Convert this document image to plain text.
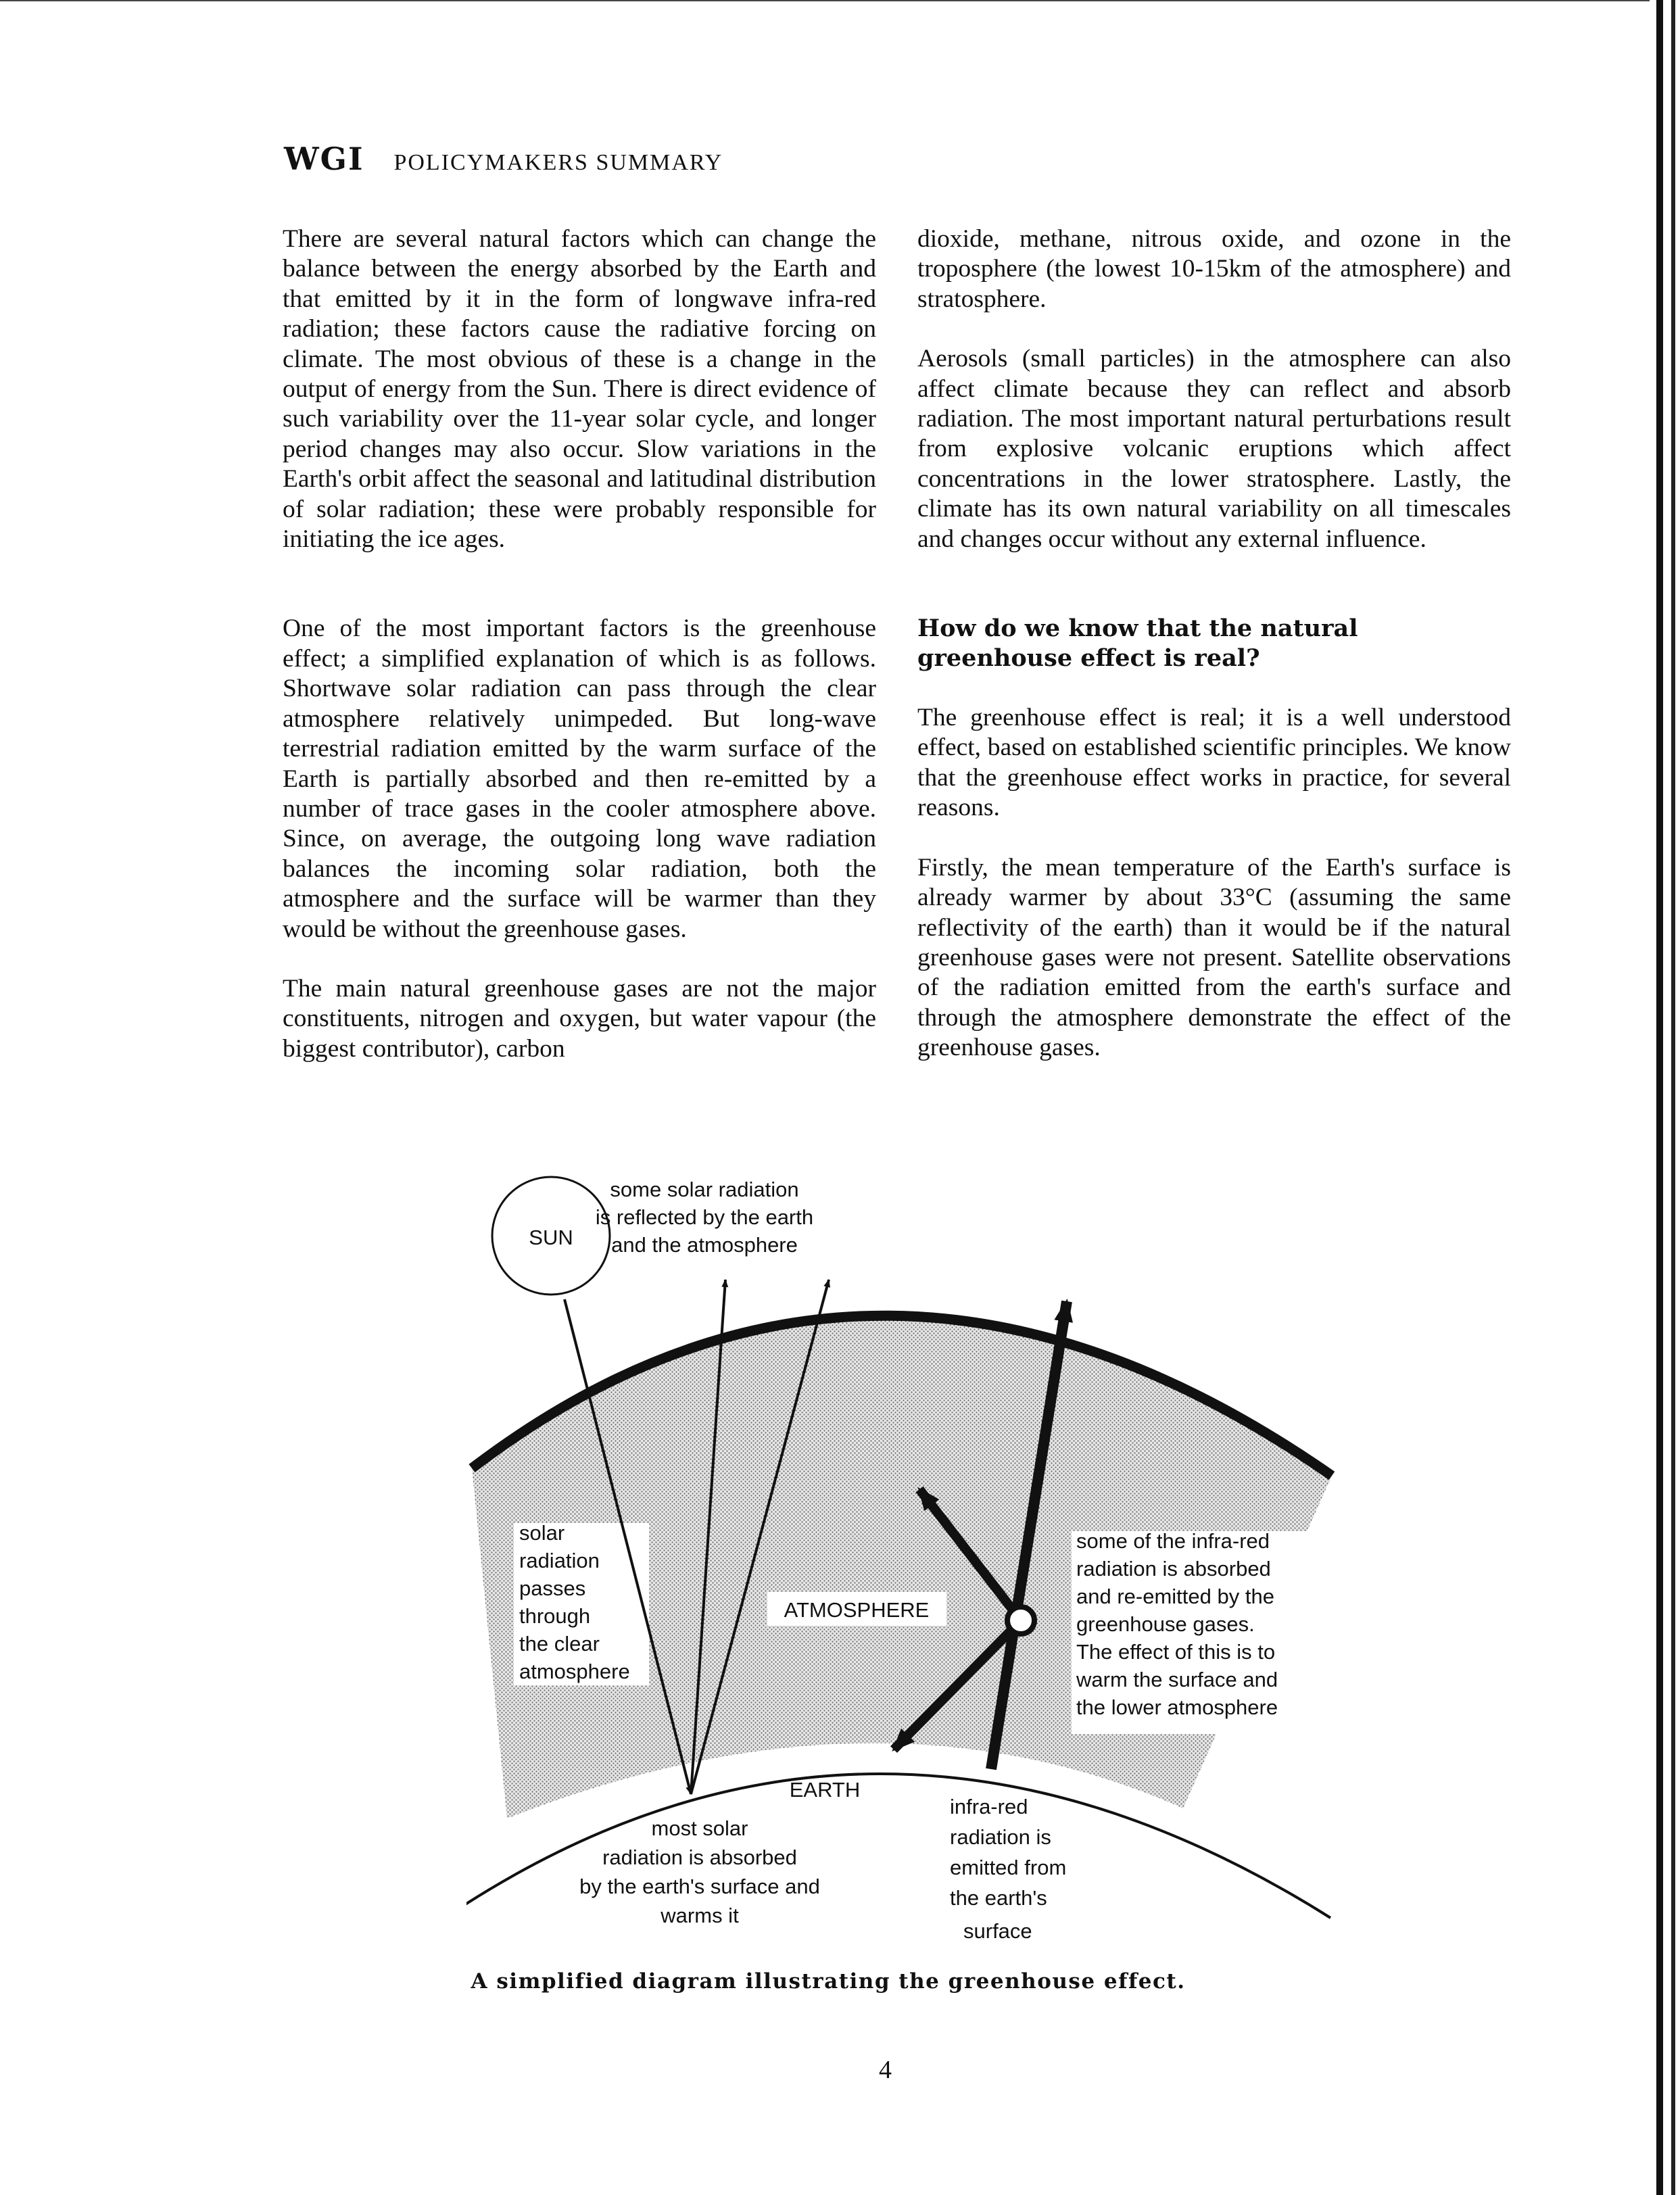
WGI POLICYMAKERS SUMMARY

There are several natural factors which can change the balance between the energy absorbed by the Earth and that emitted by it in the form of longwave infra-red radiation; these factors cause the radiative forcing on climate. The most obvious of these is a change in the output of energy from the Sun. There is direct evidence of such variability over the 11-year solar cycle, and longer period changes may also occur. Slow variations in the Earth's orbit affect the seasonal and latitudinal distribution of solar radiation; these were probably responsible for initiating the ice ages.

One of the most important factors is the greenhouse effect; a simplified explanation of which is as follows. Shortwave solar radiation can pass through the clear atmosphere relatively unimpeded. But long-wave terrestrial radiation emitted by the warm surface of the Earth is partially absorbed and then re-emitted by a number of trace gases in the cooler atmosphere above. Since, on average, the outgoing long wave radiation balances the incoming solar radiation, both the atmosphere and the surface will be warmer than they would be without the greenhouse gases.

The main natural greenhouse gases are not the major constituents, nitrogen and oxygen, but water vapour (the biggest contributor), carbon

dioxide, methane, nitrous oxide, and ozone in the troposphere (the lowest 10-15km of the atmosphere) and stratosphere.

Aerosols (small particles) in the atmosphere can also affect climate because they can reflect and absorb radiation. The most important natural perturbations result from explosive volcanic eruptions which affect concentrations in the lower stratosphere. Lastly, the climate has its own natural variability on all timescales and changes occur without any external influence.

How do we know that the natural greenhouse effect is real?

The greenhouse effect is real; it is a well understood effect, based on established scientific principles. We know that the greenhouse effect works in practice, for several reasons.

Firstly, the mean temperature of the Earth's surface is already warmer by about 33°C (assuming the same reflectivity of the earth) than it would be if the natural greenhouse gases were not present. Satellite observations of the radiation emitted from the earth's surface and through the atmosphere demonstrate the effect of the greenhouse gases.

SUN
some solar radiation
is reflected by the earth
and the atmosphere
solar
radiation
passes
through
the clear
atmosphere
ATMOSPHERE
some of the infra-red
radiation is absorbed
and re-emitted by the
greenhouse gases.
The effect of this is to
warm the surface and
the lower atmosphere
EARTH
most solar
radiation is absorbed
by the earth's surface and
warms it
infra-red
radiation is
emitted from
the earth's
surface
A simplified diagram illustrating the greenhouse effect.
4
